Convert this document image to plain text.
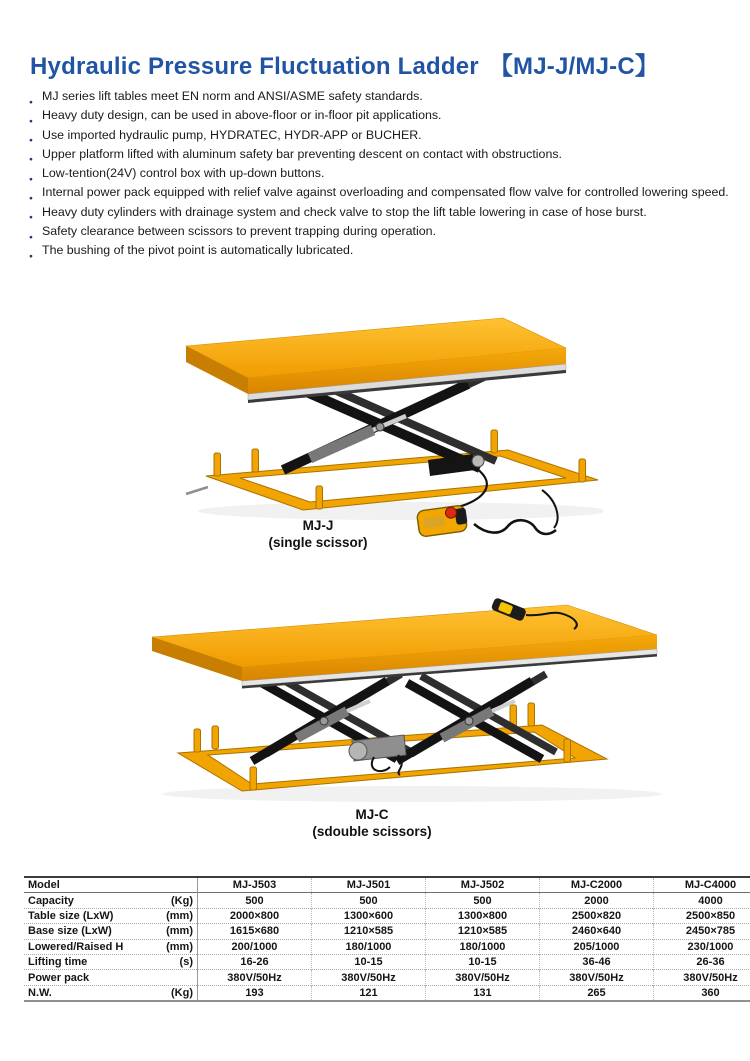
Hydraulic Pressure Fluctuation Ladder 【MJ-J/MJ-C】
● MJ series lift tables meet EN norm and ANSI/ASME safety standards.
● Heavy duty design, can be used in above-floor or in-floor pit applications.
● Use imported hydraulic pump, HYDRATEC, HYDR-APP or BUCHER.
● Upper platform lifted with aluminum safety bar preventing descent on contact with obstructions.
● Low-tention(24V) control box with up-down buttons.
● Internal power pack equipped with relief valve against overloading and compensated flow valve for controlled lowering speed.
● Heavy duty cylinders with drainage system and check valve to stop the lift table lowering in case of hose burst.
● Safety clearance between scissors to prevent trapping during operation.
● The bushing of the pivot point is automatically lubricated.
MJ-J
(single scissor)
MJ-C
(sdouble scissors)
Model	MJ-J503	MJ-J501	MJ-J502	MJ-C2000	MJ-C4000

Capacity (Kg)	500	500	500	2000	4000

Table size (LxW) (mm)	2000×800	1300×600	1300×800	2500×820	2500×850

Base size (LxW) (mm)	1615×680	1210×585	1210×585	2460×640	2450×785

Lowered/Raised H (mm)	200/1000	180/1000	180/1000	205/1000	230/1000

Lifting time (s)	16-26	10-15	10-15	36-46	26-36

Power pack	380V/50Hz	380V/50Hz	380V/50Hz	380V/50Hz	380V/50Hz

N.W. (Kg)	193	121	131	265	360
